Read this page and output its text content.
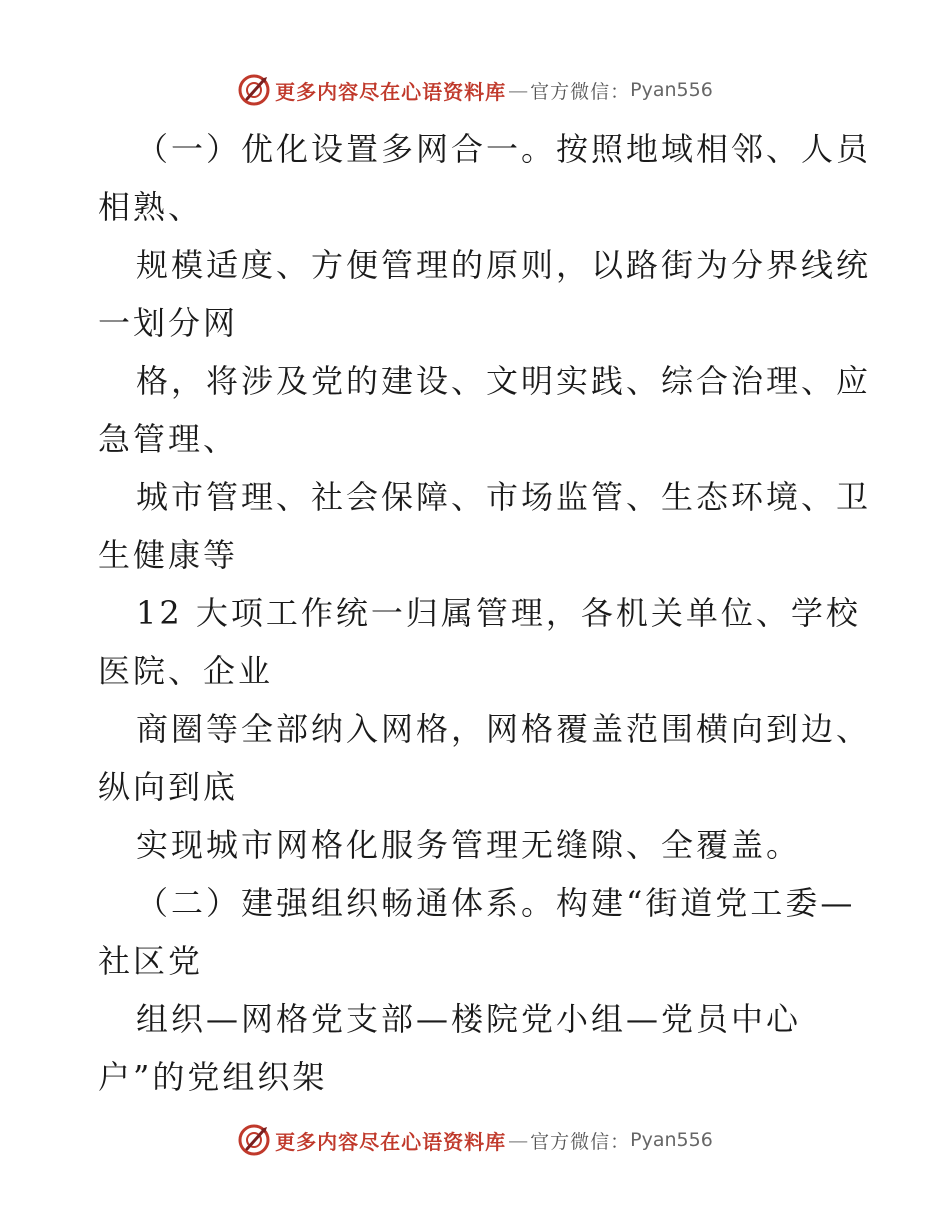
更多内容尽在心语资料库 — 官方微信： Pyan556
（一）优化设置多网合一。按照地域相邻、人员
相熟、
规模适度、方便管理的原则，以路街为分界线统
一划分网
格，将涉及党的建设、文明实践、综合治理、应
急管理、
城市管理、社会保障、市场监管、生态环境、卫
生健康等
12 大项工作统一归属管理，各机关单位、学校
医院、企业
商圈等全部纳入网格，网格覆盖范围横向到边、
纵向到底
实现城市网格化服务管理无缝隙、全覆盖。
（二）建强组织畅通体系。构建“街道党工委—
社区党
组织—网格党支部—楼院党小组—党员中心
户”的党组织架
更多内容尽在心语资料库 — 官方微信： Pyan556
